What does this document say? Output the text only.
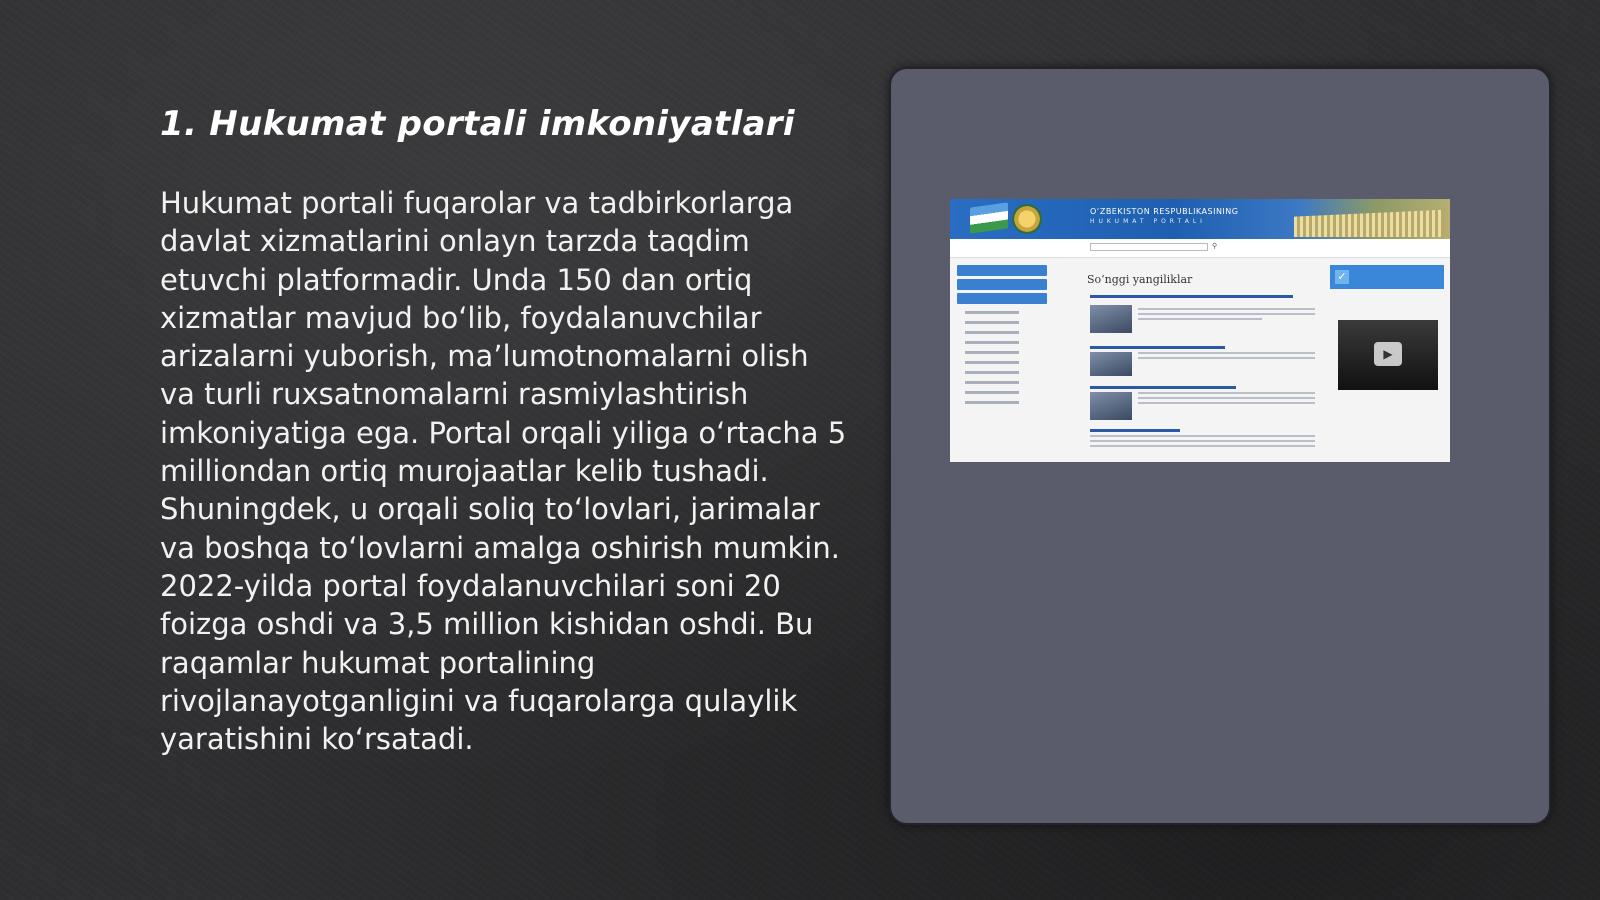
1. Hukumat portali imkoniyatlari

Hukumat portali fuqarolar va tadbirkorlarga davlat xizmatlarini onlayn tarzda taqdim etuvchi platformadir. Unda 150 dan ortiq xizmatlar mavjud bo‘lib, foydalanuvchilar arizalarni yuborish, ma’lumotnomalarni olish va turli ruxsatnomalarni rasmiylashtirish imkoniyatiga ega. Portal orqali yiliga o‘rtacha 5 milliondan ortiq murojaatlar kelib tushadi. Shuningdek, u orqali soliq to‘lovlari, jarimalar va boshqa to‘lovlarni amalga oshirish mumkin. 2022-yilda portal foydalanuvchilari soni 20 foizga oshdi va 3,5 million kishidan oshdi. Bu raqamlar hukumat portalining rivojlanayotganligini va fuqarolarga qulaylik yaratishini ko‘rsatadi.

O‘ZBEKISTON RESPUBLIKASINING
HUKUMAT PORTALI
⚲
So‘nggi yangiliklar	✓
▶
